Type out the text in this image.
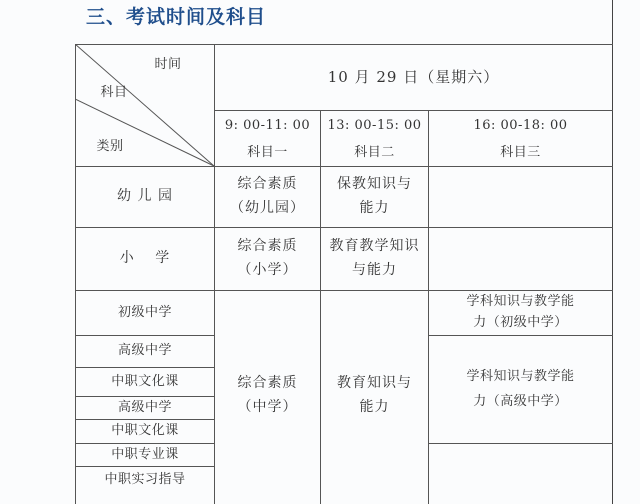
三、考试时间及科目
时间
科目
类别
10 月 29 日（星期六）
9: 00-11: 00
科目一
13: 00-15: 00
科目二
16: 00-18: 00
科目三
幼 儿 园
综合素质
（幼儿园）
保教知识与
能力
小　 学
综合素质
（小学）
教育教学知识
与能力
初级中学
高级中学
中职文化课
高级中学
中职文化课
中职专业课
中职实习指导
综合素质
（中学）
教育知识与
能力
学科知识与教学能
力（初级中学）
学科知识与教学能
力（高级中学）
